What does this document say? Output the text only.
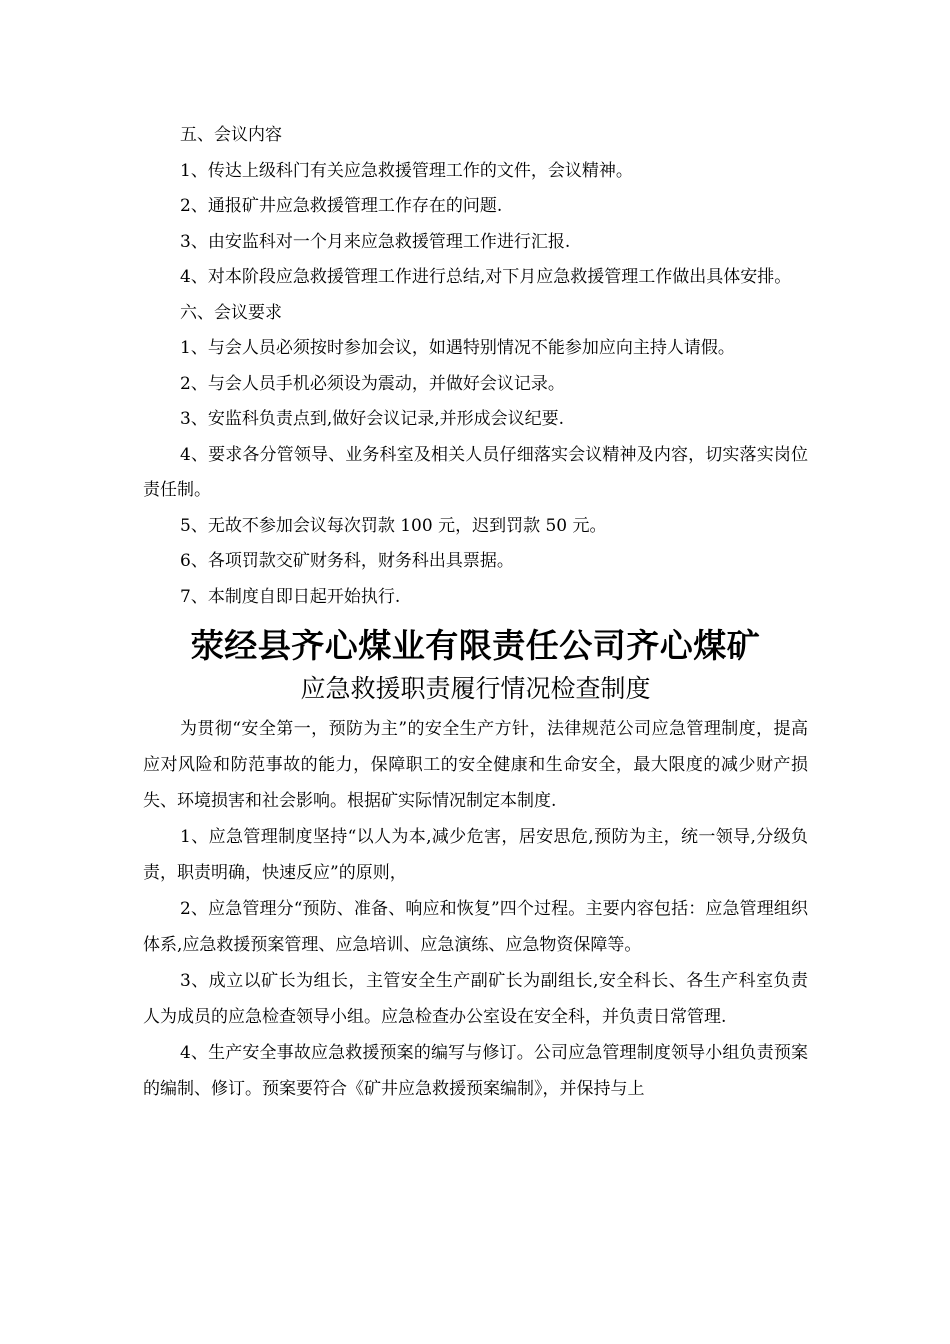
五、会议内容
1、传达上级科门有关应急救援管理工作的文件，会议精神。
2、通报矿井应急救援管理工作存在的问题.
3、由安监科对一个月来应急救援管理工作进行汇报.
4、对本阶段应急救援管理工作进行总结,对下月应急救援管理工作做出具体安排。
六、会议要求
1、与会人员必须按时参加会议，如遇特别情况不能参加应向主持人请假。
2、与会人员手机必须设为震动，并做好会议记录。
3、安监科负责点到,做好会议记录,并形成会议纪要.
4、要求各分管领导、业务科室及相关人员仔细落实会议精神及内容，切实落实岗位责任制。
5、无故不参加会议每次罚款 100 元，迟到罚款 50 元。
6、各项罚款交矿财务科，财务科出具票据。
7、本制度自即日起开始执行.
荥经县齐心煤业有限责任公司齐心煤矿
应急救援职责履行情况检查制度
为贯彻“安全第一，预防为主”的安全生产方针，法律规范公司应急管理制度，提高应对风险和防范事故的能力，保障职工的安全健康和生命安全，最大限度的减少财产损失、环境损害和社会影响。根据矿实际情况制定本制度.
1、应急管理制度坚持“以人为本,减少危害，居安思危,预防为主，统一领导,分级负责，职责明确，快速反应”的原则，
2、应急管理分“预防、准备、响应和恢复”四个过程。主要内容包括：应急管理组织体系,应急救援预案管理、应急培训、应急演练、应急物资保障等。
3、成立以矿长为组长，主管安全生产副矿长为副组长,安全科长、各生产科室负责人为成员的应急检查领导小组。应急检查办公室设在安全科，并负责日常管理.
4、生产安全事故应急救援预案的编写与修订。公司应急管理制度领导小组负责预案的编制、修订。预案要符合《矿井应急救援预案编制》，并保持与上
